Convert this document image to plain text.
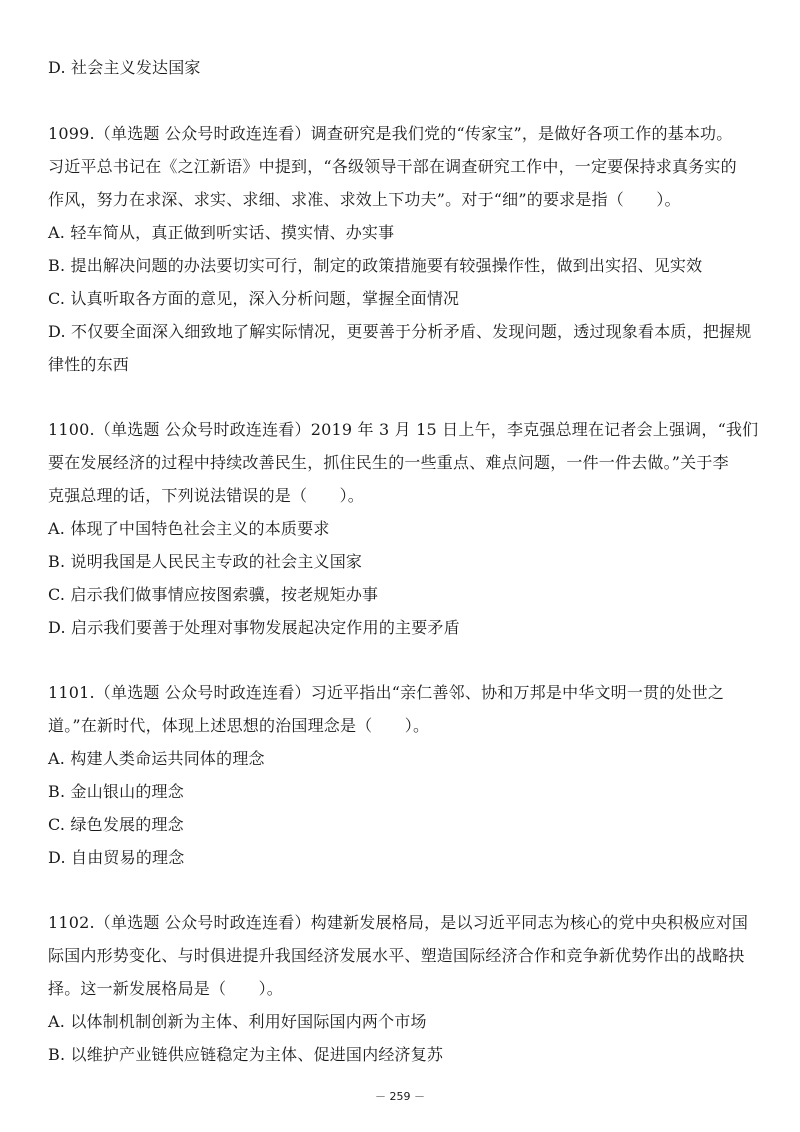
D. 社会主义发达国家
1099.（单选题 公众号时政连连看）调查研究是我们党的“传家宝”，是做好各项工作的基本功。
习近平总书记在《之江新语》中提到，“各级领导干部在调查研究工作中，一定要保持求真务实的
作风，努力在求深、求实、求细、求准、求效上下功夫”。对于“细”的要求是指（　　）。
A. 轻车简从，真正做到听实话、摸实情、办实事
B. 提出解决问题的办法要切实可行，制定的政策措施要有较强操作性，做到出实招、见实效
C. 认真听取各方面的意见，深入分析问题，掌握全面情况
D. 不仅要全面深入细致地了解实际情况，更要善于分析矛盾、发现问题，透过现象看本质，把握规
律性的东西
1100.（单选题 公众号时政连连看）2019 年 3 月 15 日上午，李克强总理在记者会上强调，“我们
要在发展经济的过程中持续改善民生，抓住民生的一些重点、难点问题，一件一件去做。”关于李
克强总理的话，下列说法错误的是（　　）。
A. 体现了中国特色社会主义的本质要求
B. 说明我国是人民民主专政的社会主义国家
C. 启示我们做事情应按图索骥，按老规矩办事
D. 启示我们要善于处理对事物发展起决定作用的主要矛盾
1101.（单选题 公众号时政连连看）习近平指出“亲仁善邻、协和万邦是中华文明一贯的处世之
道。”在新时代，体现上述思想的治国理念是（　　）。
A. 构建人类命运共同体的理念
B. 金山银山的理念
C. 绿色发展的理念
D. 自由贸易的理念
1102.（单选题 公众号时政连连看）构建新发展格局，是以习近平同志为核心的党中央积极应对国
际国内形势变化、与时俱进提升我国经济发展水平、塑造国际经济合作和竞争新优势作出的战略抉
择。这一新发展格局是（　　）。
A. 以体制机制创新为主体、利用好国际国内两个市场
B. 以维护产业链供应链稳定为主体、促进国内经济复苏
－ 259 －
